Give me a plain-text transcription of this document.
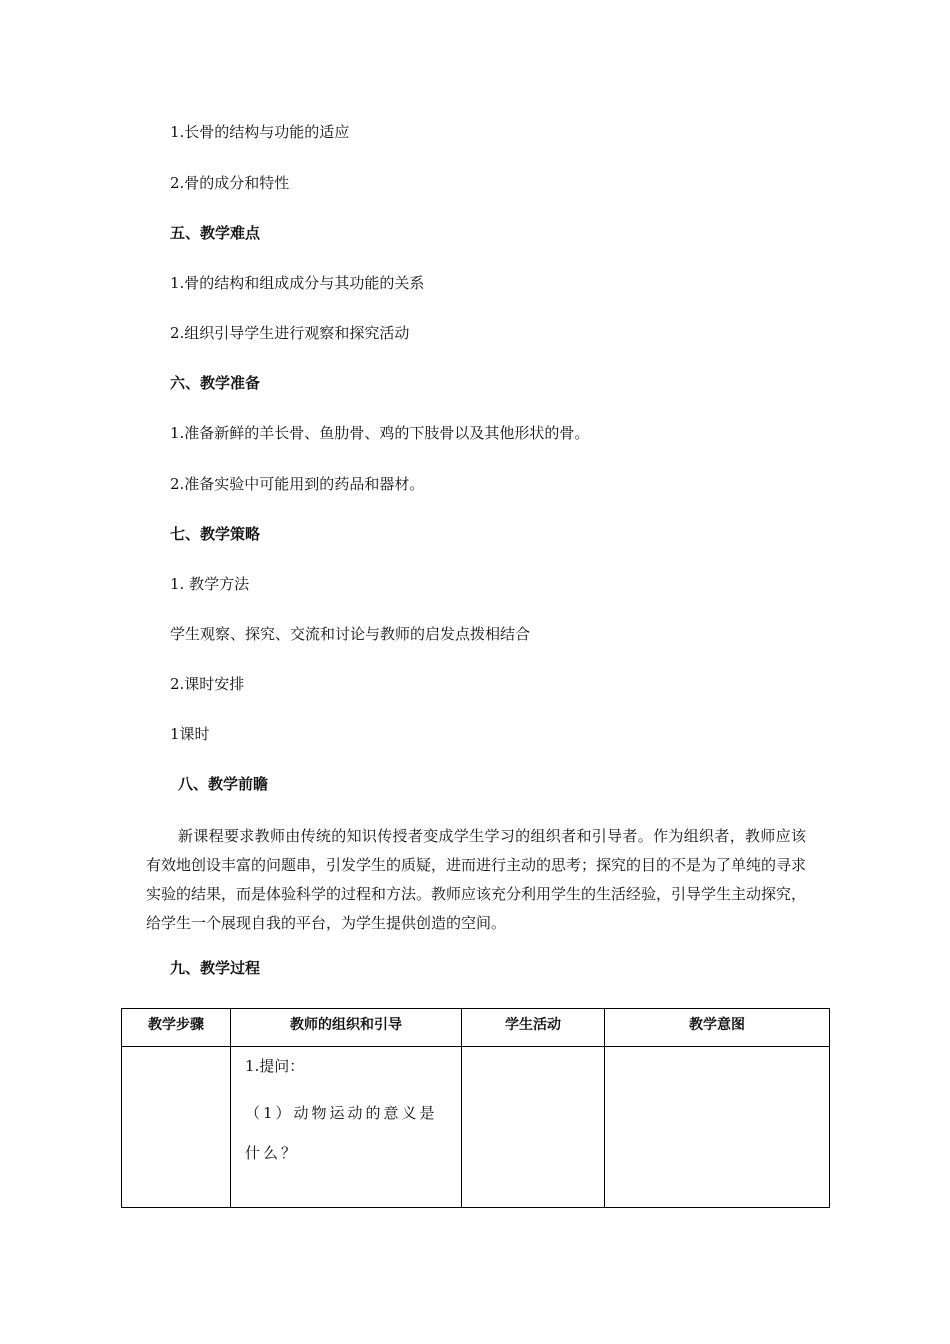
1.长骨的结构与功能的适应
2.骨的成分和特性
五、教学难点
1.骨的结构和组成成分与其功能的关系
2.组织引导学生进行观察和探究活动
六、教学准备
1.准备新鲜的羊长骨、鱼肋骨、鸡的下肢骨以及其他形状的骨。
2.准备实验中可能用到的药品和器材。
七、教学策略
1. 教学方法
学生观察、探究、交流和讨论与教师的启发点拨相结合
2.课时安排
1课时
八、教学前瞻

新课程要求教师由传统的知识传授者变成学生学习的组织者和引导者。作为组织者，教师应该有效地创设丰富的问题串，引发学生的质疑，进而进行主动的思考；探究的目的不是为了单纯的寻求实验的结果，而是体验科学的过程和方法。教师应该充分利用学生的生活经验，引导学生主动探究，给学生一个展现自我的平台，为学生提供创造的空间。

九、教学过程
教学步骤	教师的组织和引导	学生活动	教学意图

	1.提问：
（1）动物运动的意义是什么？		
